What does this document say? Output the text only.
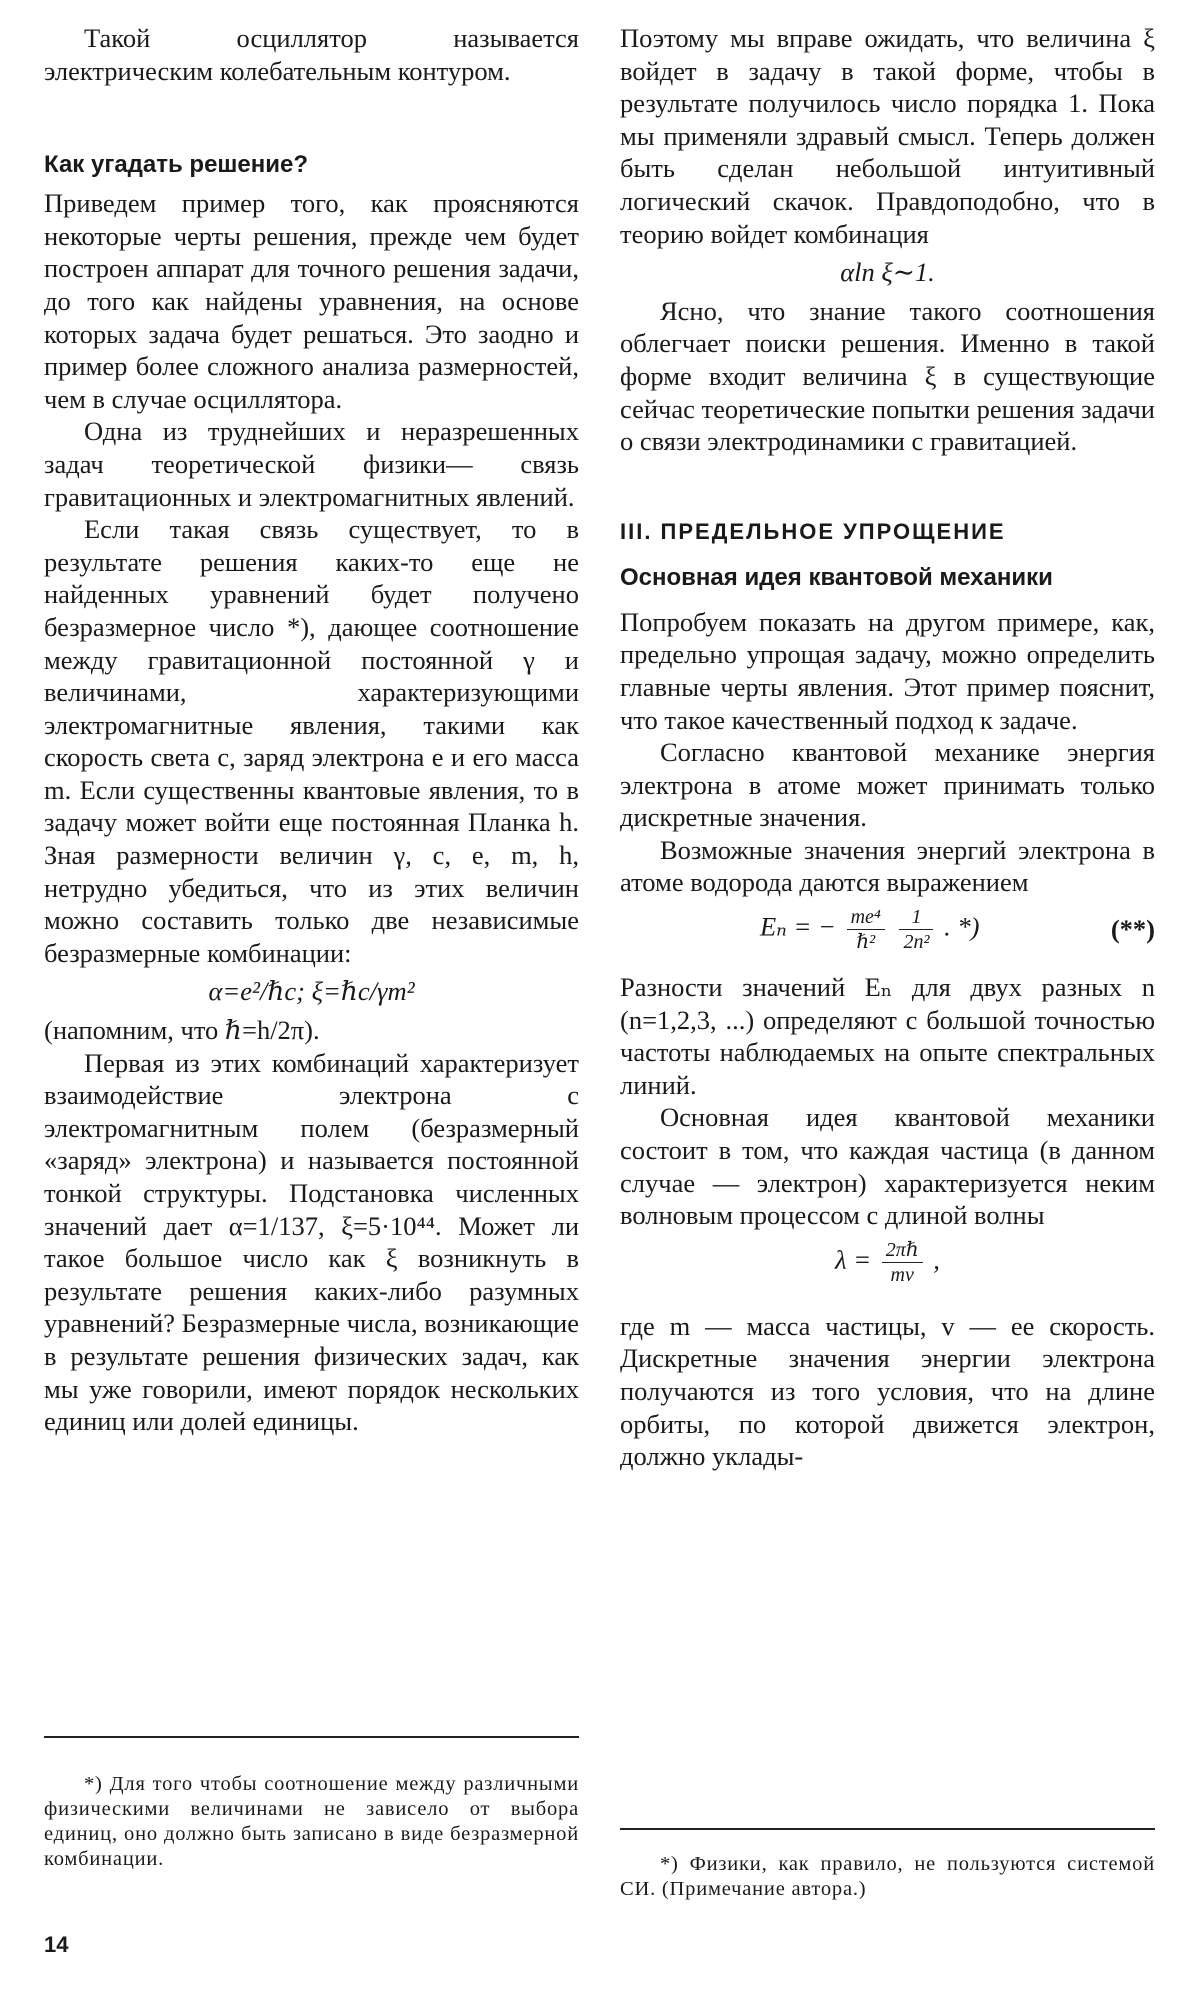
Такой осциллятор называется электрическим колебательным контуром.

Как угадать решение?

Приведем пример того, как проясняются некоторые черты решения, прежде чем будет построен аппарат для точного решения задачи, до того как найдены уравнения, на основе которых задача будет решаться. Это заодно и пример более сложного анализа размерностей, чем в случае осциллятора.

Одна из труднейших и неразрешенных задач теоретической физики— связь гравитационных и электромагнитных явлений.

Если такая связь существует, то в результате решения каких-то еще не найденных уравнений будет получено безразмерное число *), дающее соотношение между гравитационной постоянной γ и величинами, характеризующими электромагнитные явления, такими как скорость света c, заряд электрона e и его масса m. Если существенны квантовые явления, то в задачу может войти еще постоянная Планка h. Зная размерности величин γ, c, e, m, h, нетрудно убедиться, что из этих величин можно составить только две независимые безразмерные комбинации:

α=e²/ℏc; ξ=ℏc/γm²

(напомним, что ℏ=h/2π).

Первая из этих комбинаций характеризует взаимодействие электрона с электромагнитным полем (безразмерный «заряд» электрона) и называется постоянной тонкой структуры. Подстановка численных значений дает α=1/137, ξ=5·10⁴⁴. Может ли такое большое число как ξ возникнуть в результате решения каких-либо разумных уравнений? Безразмерные числа, возникающие в результате решения физических задач, как мы уже говорили, имеют порядок нескольких единиц или долей единицы.

*) Для того чтобы соотношение между различными физическими величинами не зависело от выбора единиц, оно должно быть записано в виде безразмерной комбинации.

Поэтому мы вправе ожидать, что величина ξ войдет в задачу в такой форме, чтобы в результате получилось число порядка 1. Пока мы применяли здравый смысл. Теперь должен быть сделан небольшой интуитивный логический скачок. Правдоподобно, что в теорию войдет комбинация

αln ξ∼1.

Ясно, что знание такого соотношения облегчает поиски решения. Именно в такой форме входит величина ξ в существующие сейчас теоретические попытки решения задачи о связи электродинамики с гравитацией.

III. ПРЕДЕЛЬНОЕ УПРОЩЕНИЕ
Основная идея квантовой механики

Попробуем показать на другом примере, как, предельно упрощая задачу, можно определить главные черты явления. Этот пример пояснит, что такое качественный подход к задаче.

Согласно квантовой механике энергия электрона в атоме может принимать только дискретные значения.

Возможные значения энергий электрона в атоме водорода даются выражением

Eₙ = − $\frac{\text{me⁴}}{\text{ℏ²}}$
$\frac{1}{\text{2n²}}$ . *)	(**)

Разности значений Eₙ для двух разных n (n=1,2,3, ...) определяют с большой точностью частоты наблюдаемых на опыте спектральных линий.

Основная идея квантовой механики состоит в том, что каждая частица (в данном случае — электрон) характеризуется неким волновым процессом с длиной волны

$\lambda = \frac{\text{2πℏ}}{mv}$ ,

где m — масса частицы, v — ее скорость. Дискретные значения энергии электрона получаются из того условия, что на длине орбиты, по которой движется электрон, должно уклады-

*) Физики, как правило, не пользуются системой СИ. (Примечание автора.)
14
